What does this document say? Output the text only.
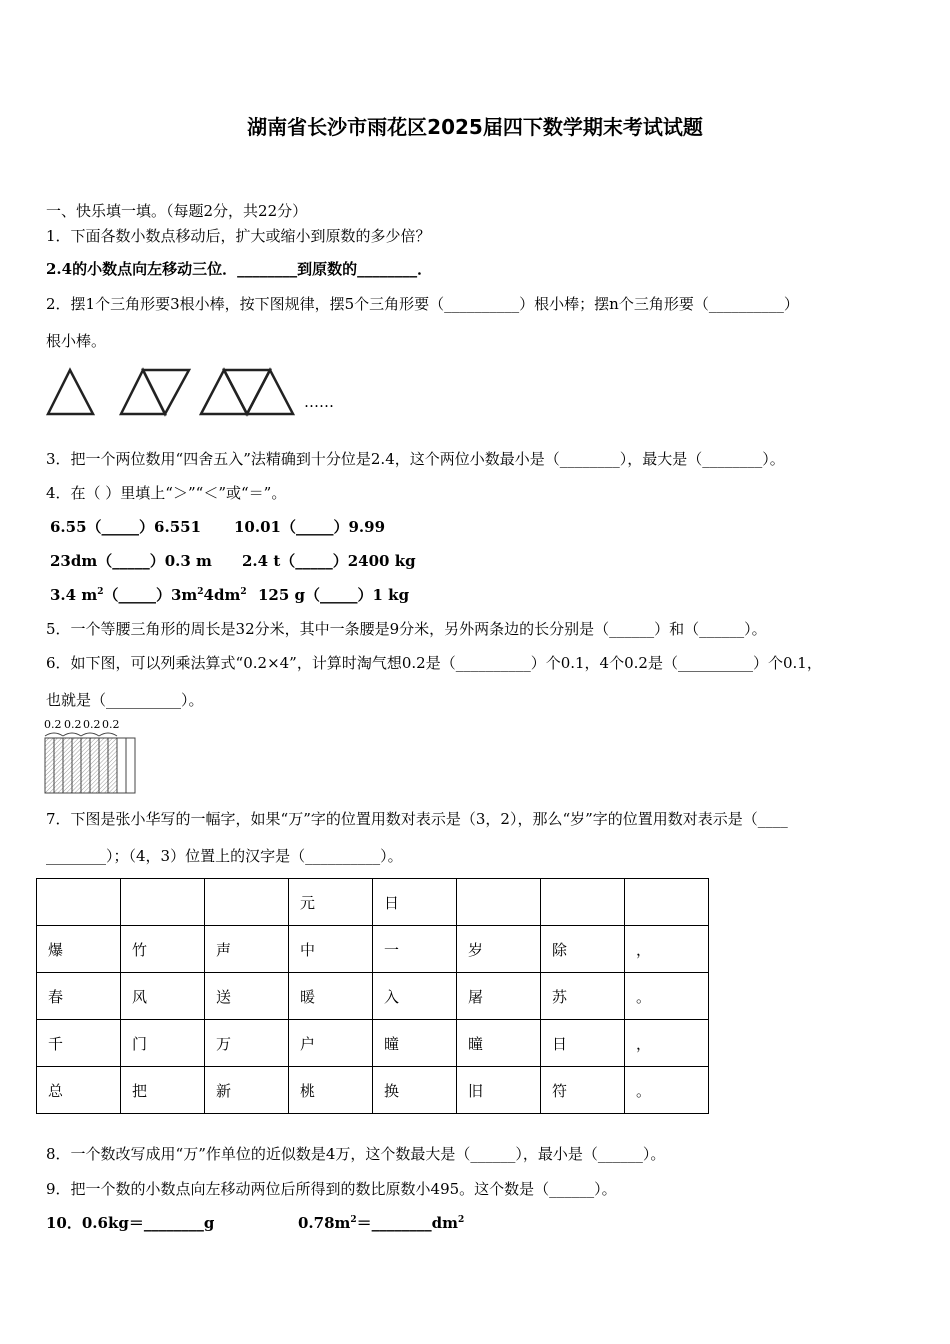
湖南省长沙市雨花区2025届四下数学期末考试试题
一、快乐填一填。（每题2分，共22分）
1．下面各数小数点移动后，扩大或缩小到原数的多少倍？
2.4的小数点向左移动三位．________到原数的________．
2．摆1个三角形要3根小棒，按下图规律，摆5个三角形要（__________）根小棒；摆n个三角形要（__________）
根小棒。
……
3．把一个两位数用“四舍五入”法精确到十分位是2.4，这个两位小数最小是（________），最大是（________）。
4．在（ ）里填上“＞”“＜”或“＝”。
6.55（_____）6.551 10.01（_____）9.99
23dm（_____）0.3 m 2.4 t（_____）2400 kg
3.4 $m^2(\_\_\_\_\_)3m^24dm^2$ 125 g（_____）1 kg
5．一个等腰三角形的周长是32分米，其中一条腰是9分米，另外两条边的长分别是（______）和（______）。
6．如下图，可以列乘法算式“0.2×4”，计算时淘气想0.2是（__________）个0.1，4个0.2是（__________）个0.1，
也就是（__________）。
0.2 0.2 0.2 0.2
7．下图是张小华写的一幅字，如果“万”字的位置用数对表示是（3，2），那么“岁”字的位置用数对表示是（____
________）；（4，3）位置上的汉字是（__________）。
			元	日			
爆	竹	声	中	一	岁	除	，
春	风	送	暖	入	屠	苏	。
千	门	万	户	曈	曈	日	，
总	把	新	桃	换	旧	符	。
8．一个数改写成用“万”作单位的近似数是4万，这个数最大是（______），最小是（______）。
9．把一个数的小数点向左移动两位后所得到的数比原数小495。这个数是（______）。
10．0.6kg＝________g	$0.78m^2=\_\_\_\_\_\_\_\_dm^2$
